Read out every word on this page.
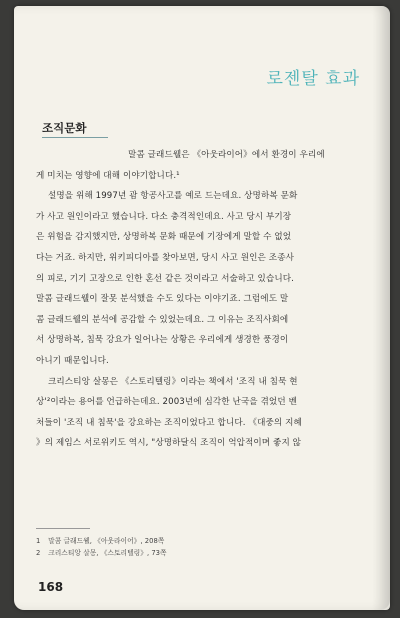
로젠탈 효과
조직문화

말콤 글래드웰은 《아웃라이어》에서 환경이 우리에
게 미치는 영향에 대해 이야기합니다.¹

설명을 위해 1997년 괌 항공사고를 예로 드는데요. 상명하복 문화
가 사고 원인이라고 했습니다. 다소 충격적인데요. 사고 당시 부기장
은 위험을 감지했지만, 상명하복 문화 때문에 기장에게 말할 수 없었
다는 거죠. 하지만, 위키피디아를 찾아보면, 당시 사고 원인은 조종사
의 피로, 기기 고장으로 인한 혼선 같은 것이라고 서술하고 있습니다.
말콤 글래드웰이 잘못 분석했을 수도 있다는 이야기죠. 그럼에도 말
콤 글래드웰의 분석에 공감할 수 있었는데요. 그 이유는 조직사회에
서 상명하복, 침묵 강요가 일어나는 상황은 우리에게 생경한 풍경이
아니기 때문입니다.

크리스티앙 살몽은 《스토리텔링》이라는 책에서 '조직 내 침묵 현
상'²이라는 용어를 언급하는데요. 2003년에 심각한 난국을 겪었던 벤
처들이 '조직 내 침묵'을 강요하는 조직이었다고 합니다. 《대중의 지혜
》의 제임스 서로위키도 역시, "상명하달식 조직이 억압적이며 좋지 않

1 말콤 글래드웰, 《아웃라이어》, 208쪽
2 크리스티앙 살몽, 《스토리텔링》, 73쪽
168
